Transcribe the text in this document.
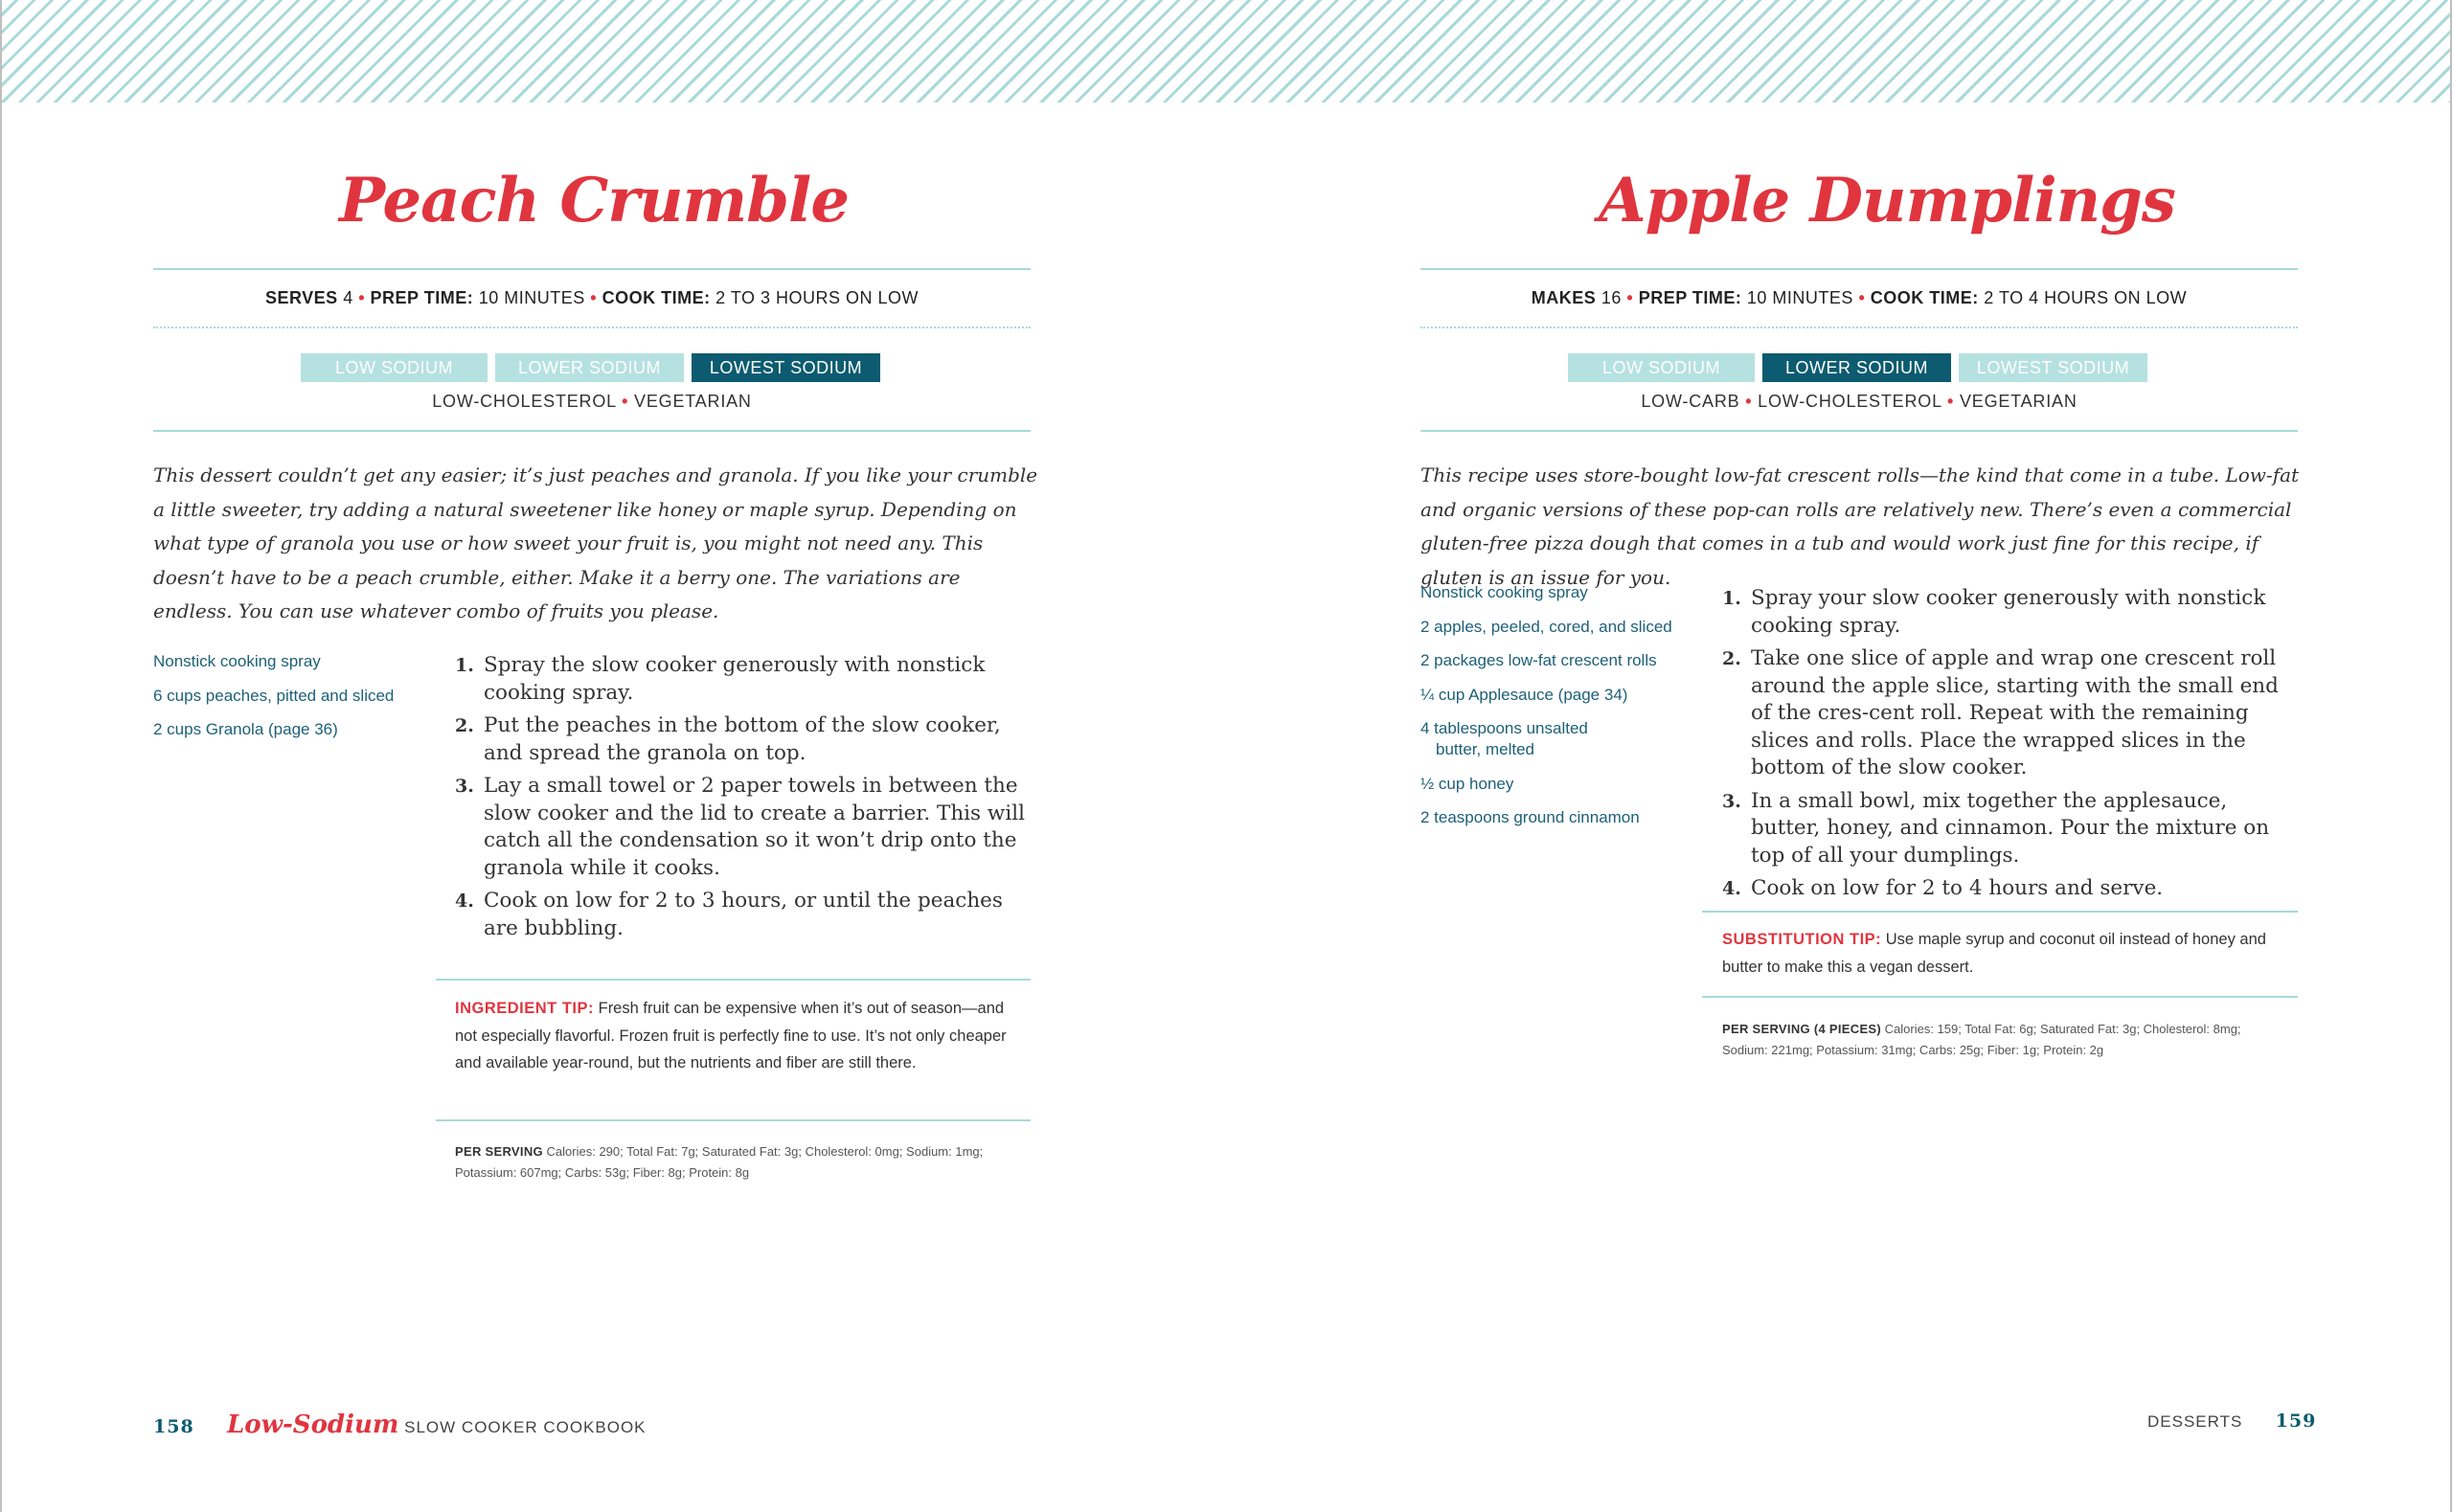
Peach Crumble
SERVES 4 • PREP TIME: 10 MINUTES • COOK TIME: 2 TO 3 HOURS ON LOW
LOW SODIUM	LOWER SODIUM	LOWEST SODIUM
LOW-CHOLESTEROL • VEGETARIAN

This dessert couldn’t get any easier; it’s just peaches and granola. If you like your crumble a little sweeter, try adding a natural sweetener like honey or maple syrup. Depending on what type of granola you use or how sweet your fruit is, you might not need any. This doesn’t have to be a peach crumble, either. Make it a berry one. The variations are endless. You can use whatever combo of fruits you please.

Nonstick cooking spray
6 cups peaches, pitted and sliced
2 cups Granola (page 36)
1. Spray the slow cooker generously with nonstick cooking spray.
2. Put the peaches in the bottom of the slow cooker, and spread the granola on top.
3. Lay a small towel or 2 paper towels in between the slow cooker and the lid to create a barrier. This will catch all the condensation so it won’t drip onto the granola while it cooks.
4. Cook on low for 2 to 3 hours, or until the peaches are bubbling.

INGREDIENT TIP: Fresh fruit can be expensive when it’s out of season—and not especially flavorful. Frozen fruit is perfectly fine to use. It’s not only cheaper and available year-round, but the nutrients and fiber are still there.

PER SERVING Calories: 290; Total Fat: 7g; Saturated Fat: 3g; Cholesterol: 0mg; Sodium: 1mg; Potassium: 607mg; Carbs: 53g; Fiber: 8g; Protein: 8g

158 Low-Sodium SLOW COOKER COOKBOOK
Apple Dumplings
MAKES 16 • PREP TIME: 10 MINUTES • COOK TIME: 2 TO 4 HOURS ON LOW
LOW SODIUM	LOWER SODIUM	LOWEST SODIUM
LOW-CARB • LOW-CHOLESTEROL • VEGETARIAN

This recipe uses store-bought low-fat crescent rolls—the kind that come in a tube. Low-fat and organic versions of these pop-can rolls are relatively new. There’s even a commercial gluten-free pizza dough that comes in a tub and would work just fine for this recipe, if gluten is an issue for you.

Nonstick cooking spray
2 apples, peeled, cored, and sliced
2 packages low-fat crescent rolls
¼ cup Applesauce (page 34)
4 tablespoons unsalted
butter, melted
½ cup honey
2 teaspoons ground cinnamon
1. Spray your slow cooker generously with nonstick cooking spray.
2. Take one slice of apple and wrap one crescent roll around the apple slice, starting with the small end of the cres-cent roll. Repeat with the remaining slices and rolls. Place the wrapped slices in the bottom of the slow cooker.
3. In a small bowl, mix together the applesauce, butter, honey, and cinnamon. Pour the mixture on top of all your dumplings.
4. Cook on low for 2 to 4 hours and serve.

SUBSTITUTION TIP: Use maple syrup and coconut oil instead of honey and butter to make this a vegan dessert.

PER SERVING (4 PIECES) Calories: 159; Total Fat: 6g; Saturated Fat: 3g; Cholesterol: 8mg; Sodium: 221mg; Potassium: 31mg; Carbs: 25g; Fiber: 1g; Protein: 2g

DESSERTS 159
